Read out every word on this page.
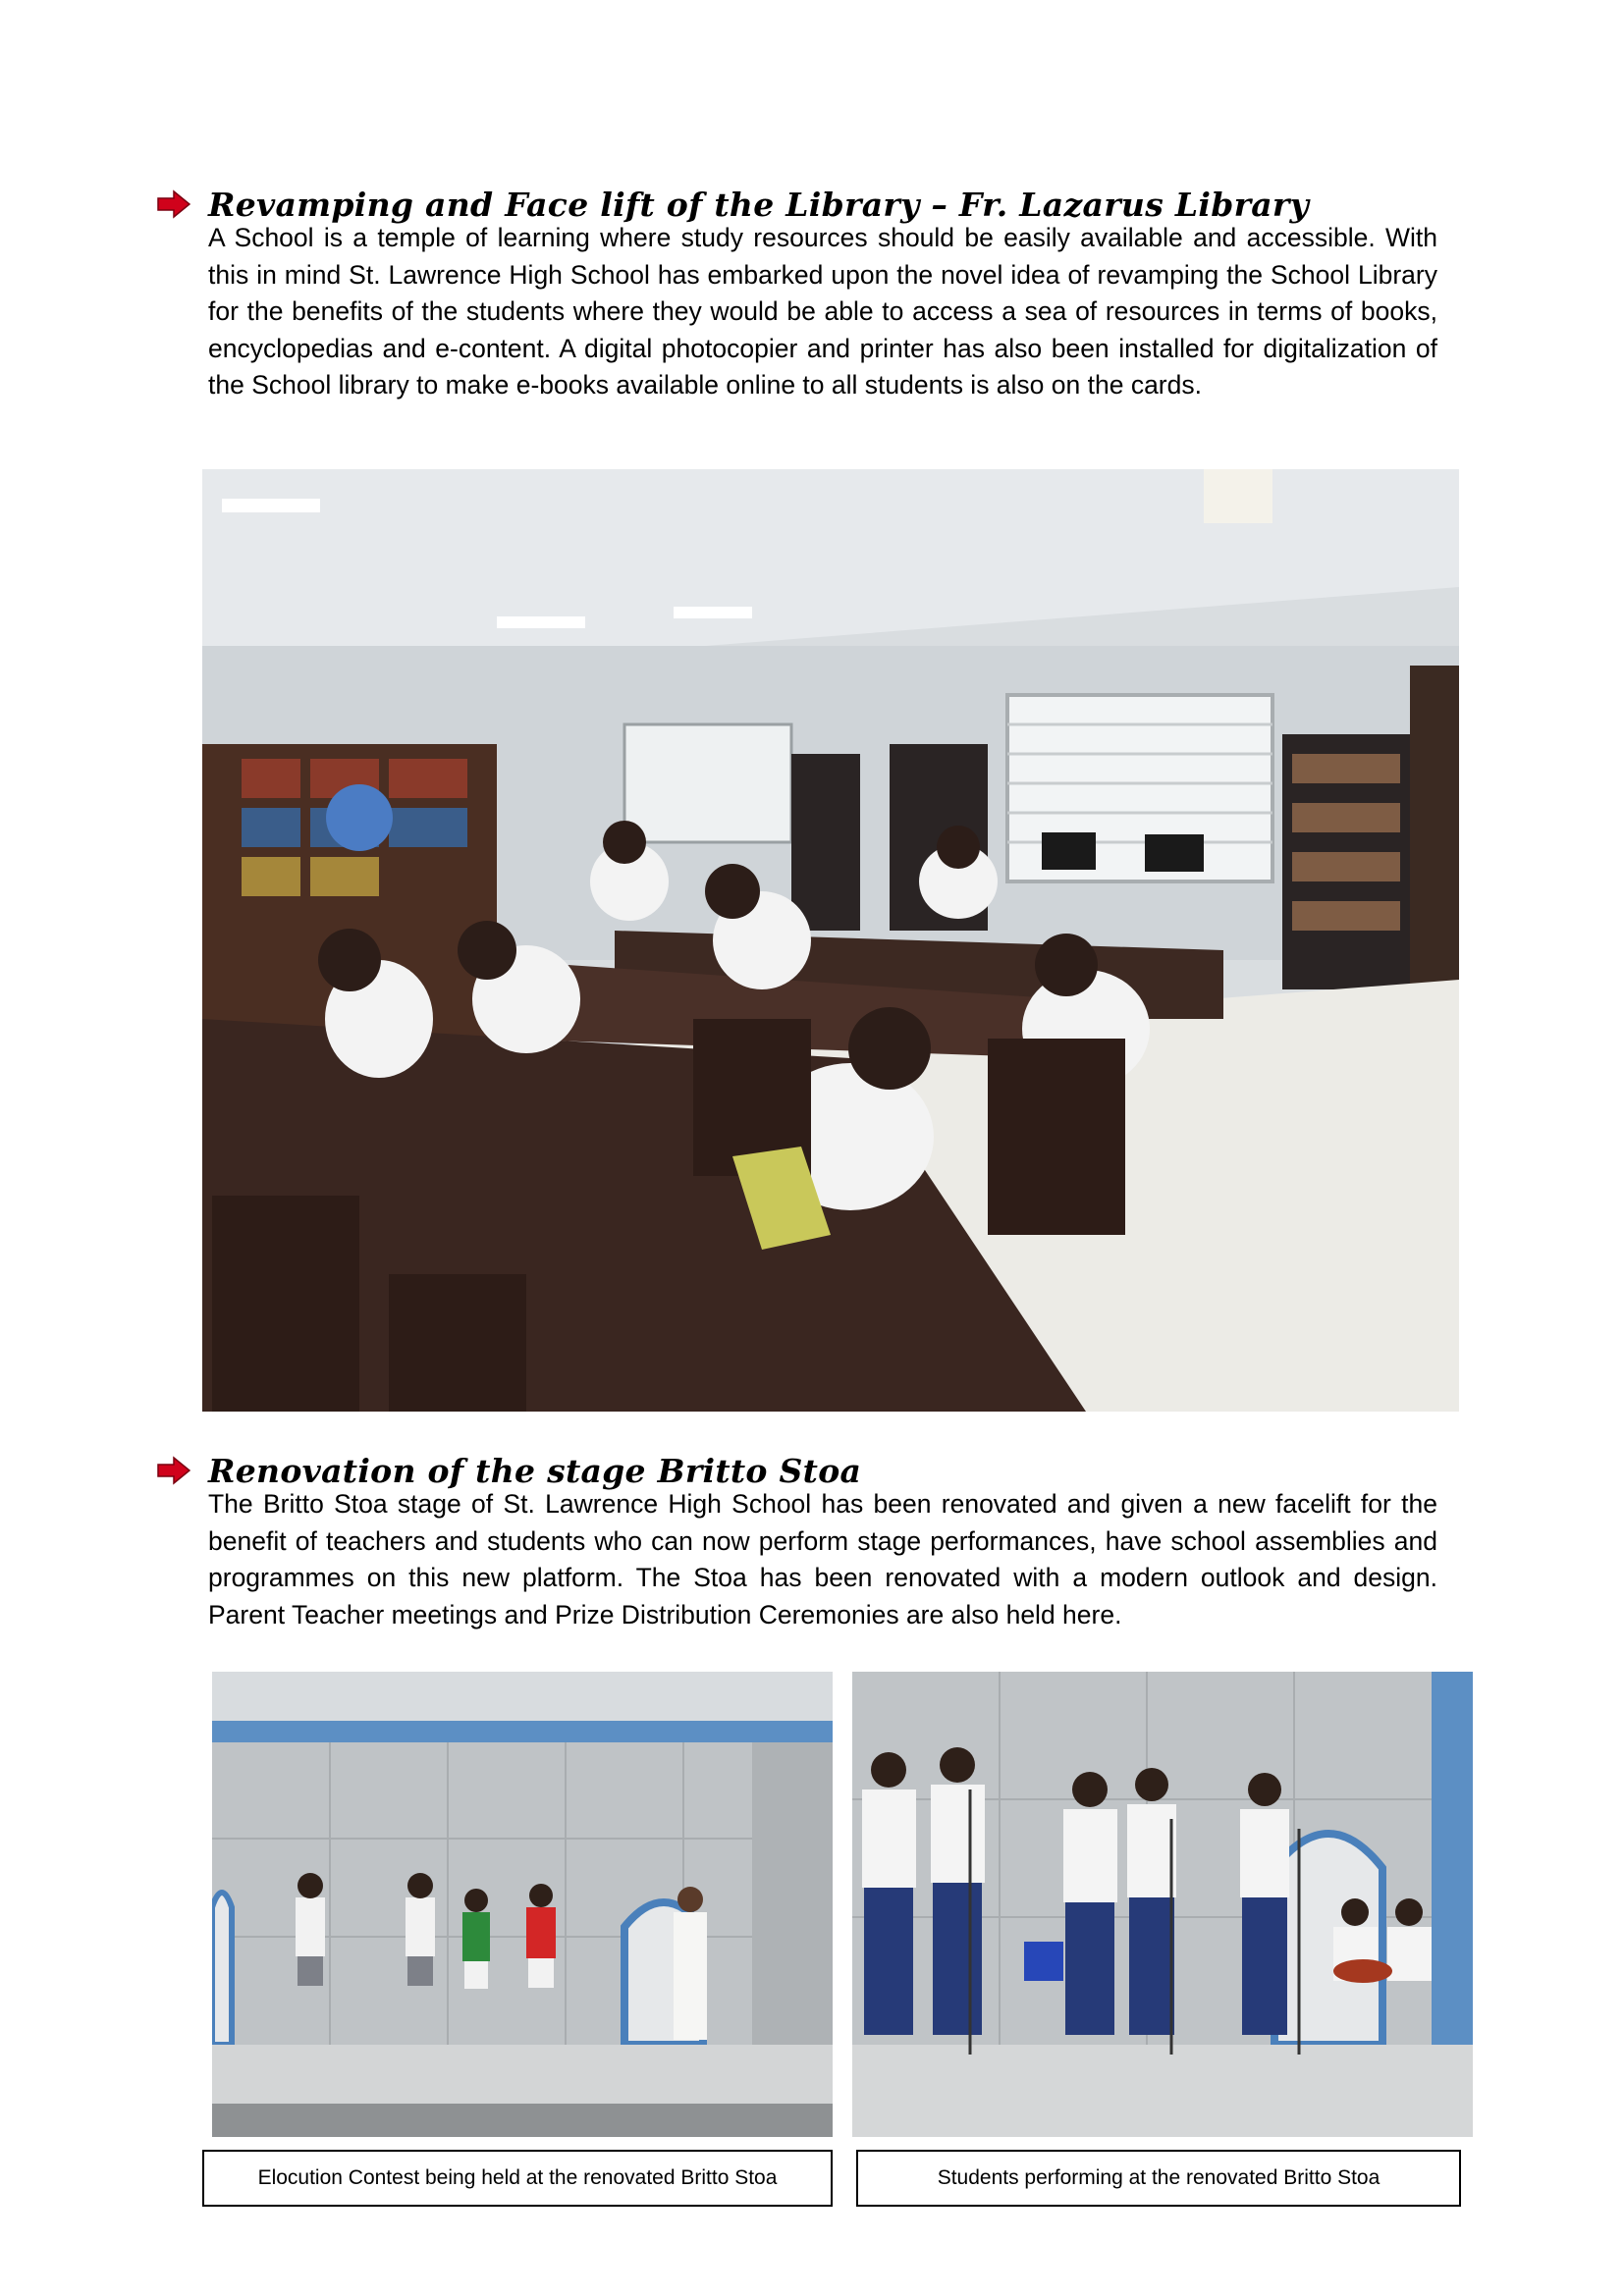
Revamping and Face lift of the Library – Fr. Lazarus Library
A School is a temple of learning where study resources should be easily available and accessible. With this in mind St. Lawrence High School has embarked upon the novel idea of revamping the School Library for the benefits of the students where they would be able to access a sea of resources in terms of books, encyclopedias and e-content. A digital photocopier and printer has also been installed for digitalization of the School library to make e-books available online to all students is also on the cards.
Renovation of the stage Britto Stoa
The Britto Stoa stage of St. Lawrence High School has been renovated and given a new facelift for the benefit of teachers and students who can now perform stage performances, have school assemblies and programmes on this new platform. The Stoa has been renovated with a modern outlook and design. Parent Teacher meetings and Prize Distribution Ceremonies are also held here.
Elocution Contest being held at the renovated Britto Stoa	Students performing at the renovated Britto Stoa
